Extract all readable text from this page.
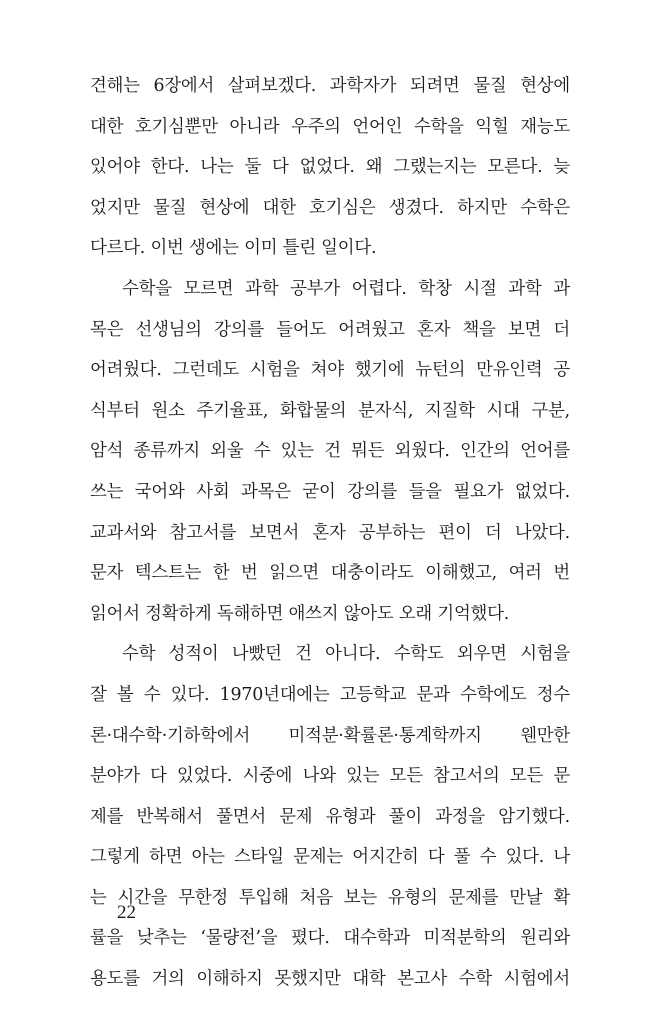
견해는 6장에서 살펴보겠다. 과학자가 되려면 물질 현상에
대한 호기심뿐만 아니라 우주의 언어인 수학을 익힐 재능도
있어야 한다. 나는 둘 다 없었다. 왜 그랬는지는 모른다. 늦
었지만 물질 현상에 대한 호기심은 생겼다. 하지만 수학은
다르다. 이번 생에는 이미 틀린 일이다.
수학을 모르면 과학 공부가 어렵다. 학창 시절 과학 과
목은 선생님의 강의를 들어도 어려웠고 혼자 책을 보면 더
어려웠다. 그런데도 시험을 쳐야 했기에 뉴턴의 만유인력 공
식부터 원소 주기율표, 화합물의 분자식, 지질학 시대 구분,
암석 종류까지 외울 수 있는 건 뭐든 외웠다. 인간의 언어를
쓰는 국어와 사회 과목은 굳이 강의를 들을 필요가 없었다.
교과서와 참고서를 보면서 혼자 공부하는 편이 더 나았다.
문자 텍스트는 한 번 읽으면 대충이라도 이해했고, 여러 번
읽어서 정확하게 독해하면 애쓰지 않아도 오래 기억했다.
수학 성적이 나빴던 건 아니다. 수학도 외우면 시험을
잘 볼 수 있다. 1970년대에는 고등학교 문과 수학에도 정수
론·대수학·기하학에서 미적분·확률론·통계학까지 웬만한
분야가 다 있었다. 시중에 나와 있는 모든 참고서의 모든 문
제를 반복해서 풀면서 문제 유형과 풀이 과정을 암기했다.
그렇게 하면 아는 스타일 문제는 어지간히 다 풀 수 있다. 나
는 시간을 무한정 투입해 처음 보는 유형의 문제를 만날 확
률을 낮추는 ‘물량전’을 폈다. 대수학과 미적분학의 원리와
용도를 거의 이해하지 못했지만 대학 본고사 수학 시험에서
22
